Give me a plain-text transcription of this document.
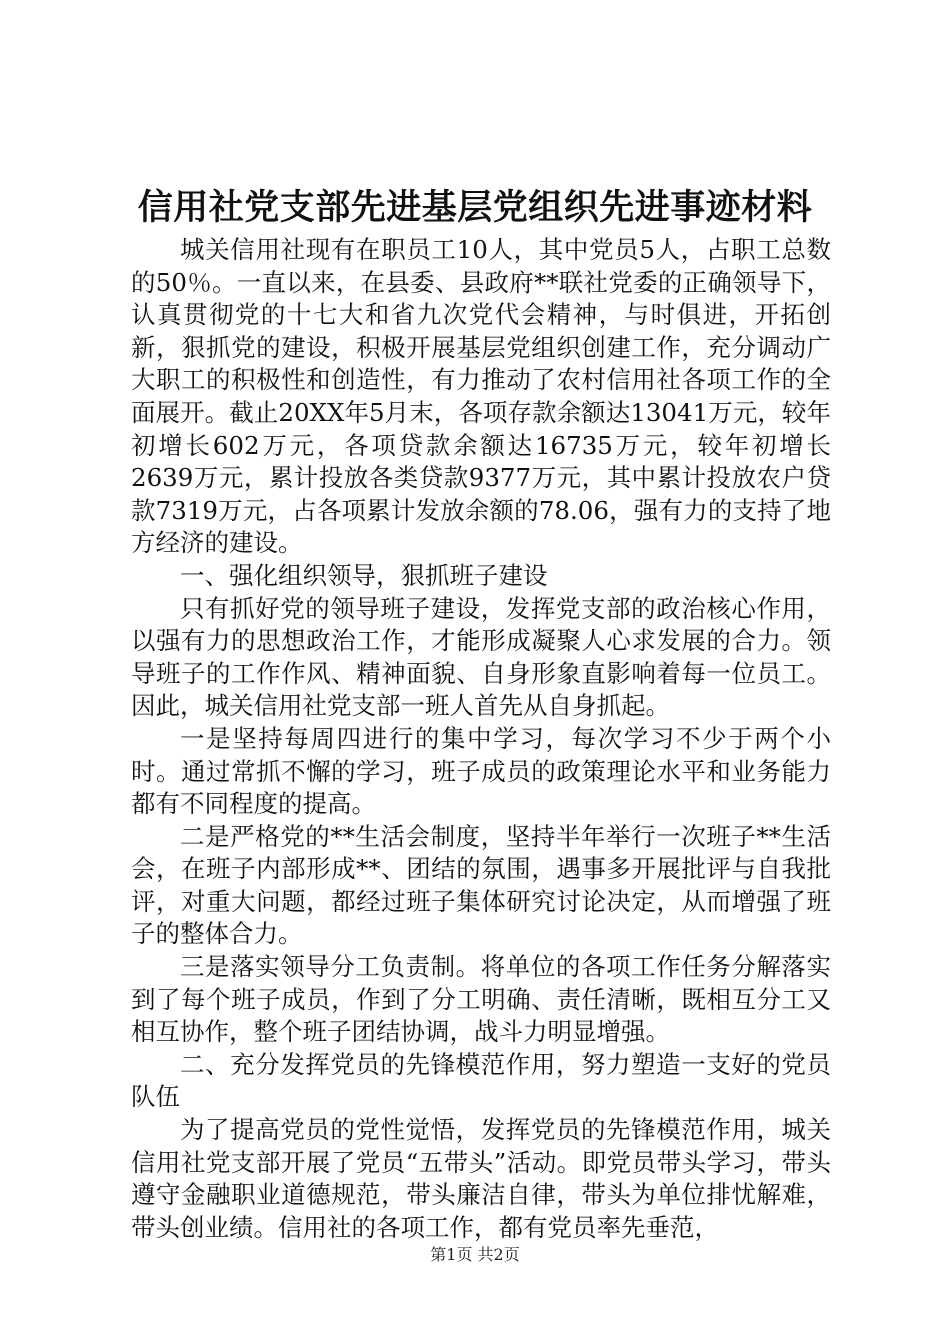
信用社党支部先进基层党组织先进事迹材料

城关信用社现有在职员工10人，其中党员5人，占职工总数的50％。一直以来，在县委、县政府**联社党委的正确领导下，认真贯彻党的十七大和省九次党代会精神，与时俱进，开拓创新，狠抓党的建设，积极开展基层党组织创建工作，充分调动广大职工的积极性和创造性，有力推动了农村信用社各项工作的全面展开。截止20XX年5月末，各项存款余额达13041万元，较年初增长602万元，各项贷款余额达16735万元，较年初增长2639万元，累计投放各类贷款9377万元，其中累计投放农户贷款7319万元，占各项累计发放余额的78.06，强有力的支持了地方经济的建设。

一、强化组织领导，狠抓班子建设

只有抓好党的领导班子建设，发挥党支部的政治核心作用，以强有力的思想政治工作，才能形成凝聚人心求发展的合力。领导班子的工作作风、精神面貌、自身形象直影响着每一位员工。因此，城关信用社党支部一班人首先从自身抓起。

一是坚持每周四进行的集中学习，每次学习不少于两个小时。通过常抓不懈的学习，班子成员的政策理论水平和业务能力都有不同程度的提高。

二是严格党的**生活会制度，坚持半年举行一次班子**生活会，在班子内部形成**、团结的氛围，遇事多开展批评与自我批评，对重大问题，都经过班子集体研究讨论决定，从而增强了班子的整体合力。

三是落实领导分工负责制。将单位的各项工作任务分解落实到了每个班子成员，作到了分工明确、责任清晰，既相互分工又相互协作，整个班子团结协调，战斗力明显增强。

二、充分发挥党员的先锋模范作用，努力塑造一支好的党员队伍

为了提高党员的党性觉悟，发挥党员的先锋模范作用，城关信用社党支部开展了党员“五带头”活动。即党员带头学习，带头遵守金融职业道德规范，带头廉洁自律，带头为单位排忧解难，带头创业绩。信用社的各项工作，都有党员率先垂范，

第1页 共2页
